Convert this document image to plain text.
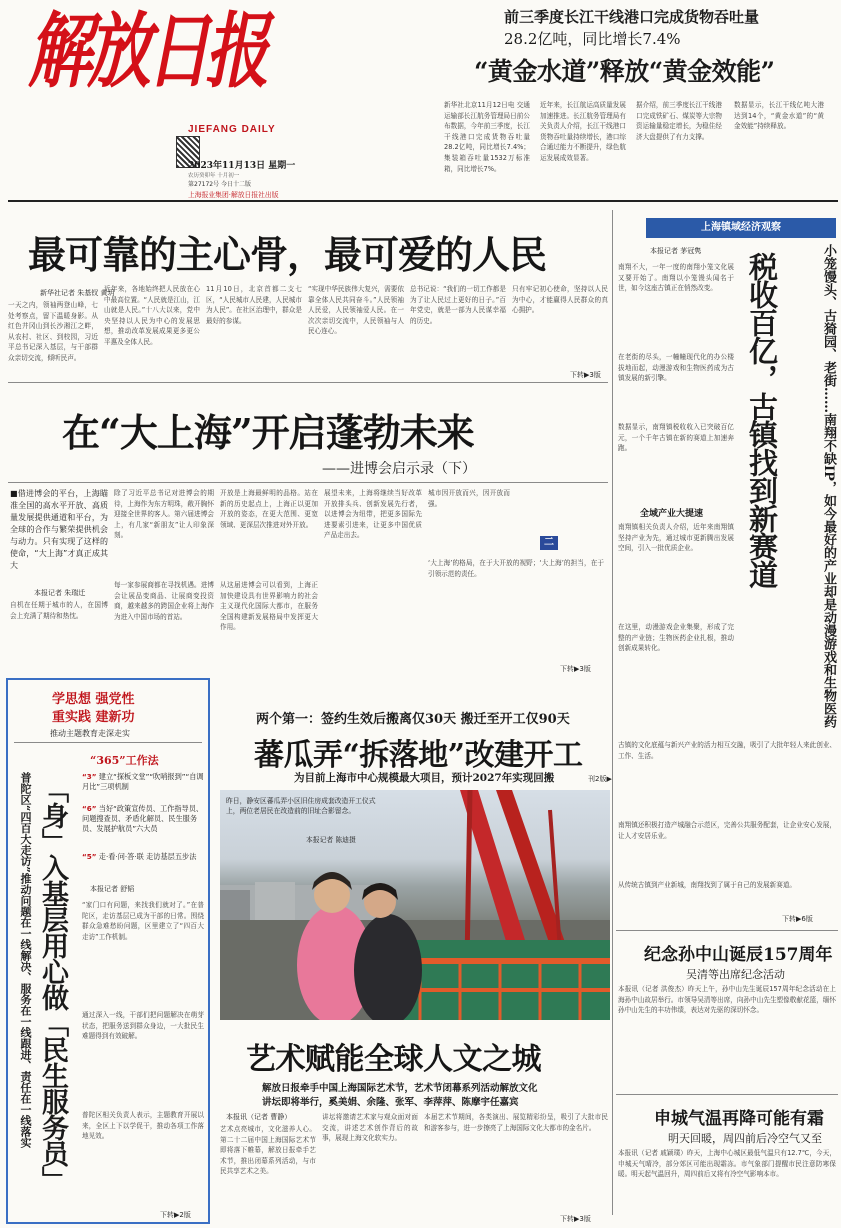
解放日报
JIEFANG DAILY
2023年11月13日 星期一
农历癸卯年 十月初一
第27172号 今日十二版
上海报业集团·解放日报社出版
前三季度长江干线港口完成货物吞吐量
28.2亿吨，同比增长7.4%
“黄金水道”释放“黄金效能”
新华社北京11月12日电 交通运输部长江航务管理局日前公布数据，今年前三季度，长江干线港口完成货物吞吐量28.2亿吨，同比增长7.4%；集装箱吞吐量1532万标准箱，同比增长7%。
近年来，长江航运高质量发展加速推进。长江航务管理局有关负责人介绍，长江干线港口货物吞吐量持续增长，港口综合通过能力不断提升，绿色航运发展成效显著。
据介绍，前三季度长江干线港口完成铁矿石、煤炭等大宗物资运输量稳定增长，为稳住经济大盘提供了有力支撑。
数据显示，长江干线亿吨大港达到14个，“黄金水道”的“黄金效能”持续释放。
最可靠的主心骨，最可爱的人民
新华社记者 朱基钗 黄玥
一天之内，领袖两登山峰，七处考察点，留下温暖身影。从红色井冈山到长沙湘江之畔，从农村、社区、到校园，习近平总书记深入基层，与干部群众亲切交流，倾听民声。
近年来，各地始终把人民放在心中最高位置。“人民就是江山，江山就是人民。”十八大以来，党中央坚持以人民为中心的发展思想，推动改革发展成果更多更公平惠及全体人民。
11月10日，北京首都二支七区，“人民城市人民建，人民城市为人民”。在社区治理中，群众是最好的参谋。
“实现中华民族伟大复兴，需要依靠全体人民共同奋斗。”人民领袖人民爱，人民领袖爱人民。在一次次亲切交流中，人民领袖与人民心连心。
总书记说：“我们的一切工作都是为了让人民过上更好的日子。”百年党史，就是一部为人民谋幸福的历史。
只有牢记初心使命，坚持以人民为中心，才能赢得人民群众的真心拥护。
下转▶3版
在“大上海”开启蓬勃未来
——进博会启示录（下）
■借进博会的平台，上海瞄准全国的高水平开放、高质量发展提供通道和平台，为全球的合作与繁荣提供机会与动力。只有实现了这样的使命，“大上海”才真正成其大
本报记者 朱瑞迁
自机在任期于城市的人，在国博会上充满了期待和热忱。
除了习近平总书记对进博会的期待，上海作为东方明珠，敞开胸怀迎接全世界的客人。第六届进博会上，有几家“新朋友”让人印象深刻。
每一家参展商都在寻找机遇。进博会让展品变商品、让展商变投资商，越来越多的跨国企业将上海作为进入中国市场的首站。
开放是上海最鲜明的品格。站在新的历史起点上，上海正以更加开放的姿态，在更大范围、更宽领域、更深层次推进对外开放。
从这届进博会可以看到，上海正加快建设具有世界影响力的社会主义现代化国际大都市，在服务全国构建新发展格局中发挥更大作用。
展望未来，上海将继续当好改革开放排头兵、创新发展先行者，以进博会为纽带，把更多国际先进要素引进来，让更多中国优质产品走出去。
城市因开放而兴，因开放而强。
二
‘大上海’的格局，在于大开放的视野；‘大上海’的担当，在于引领示范的责任。
下转▶3版
上海镇域经济观察
税收百亿，古镇找到新赛道	小笼馒头、古猗园、老街……南翔不缺IP，如今最好的产业却是动漫游戏和生物医药
本报记者 茅冠隽
南翔不大，一年一度的南翔小笼文化展又要开始了。南翔以小笼馒头闻名于世，如今这座古镇正在悄然改变。
在老街的尽头，一幢幢现代化的办公楼拔地而起，动漫游戏和生物医药成为古镇发展的新引擎。
数据显示，南翔镇税收收入已突破百亿元，一个千年古镇在新的赛道上加速奔跑。
全域产业大提速
南翔镇相关负责人介绍，近年来南翔镇坚持产业为先，通过城市更新腾出发展空间，引入一批优质企业。
在这里，动漫游戏企业集聚，形成了完整的产业链；生物医药企业扎根，推动创新成果转化。
古镇的文化底蕴与新兴产业的活力相互交融，吸引了大批年轻人来此创业、工作、生活。
南翔镇还积极打造产城融合示范区，完善公共服务配套，让企业安心发展，让人才安居乐业。
从传统古镇到产业新城，南翔找到了属于自己的发展新赛道。
下转▶6版
纪念孙中山诞辰157周年
吴清等出席纪念活动
本报讯（记者 洪俊杰）昨天上午，孙中山先生诞辰157周年纪念活动在上海孙中山故居举行。市领导吴清等出席，向孙中山先生塑像敬献花篮，缅怀孙中山先生的丰功伟绩，表达对先驱的深切怀念。
申城气温再降可能有霜
明天回暖，周四前后冷空气又至
本报讯（记者 戚颖璞）昨天，上海中心城区最低气温只有12.7℃，今天，申城天气晴冷，部分郊区可能出现霜冻。市气象部门提醒市民注意防寒保暖。明天起气温回升，周四前后又将有冷空气影响本市。
学思想 强党性
重实践 建新功
推动主题教育走深走实
「身」入基层用心做「民生服务员」
普陀区“四百大走访”推动问题在一线解决、服务在一线跟进、责任在一线落实
“365”工作法
“3” 建立“探板文堂”“吹哨报到”“自调月比”三项机制
“6” 当好“政策宣传员、工作指导员、问题搜查员、矛盾化解员、民生服务员、发展护航员”六大员
“5” 走·看·问·答·联 走访基层五步法
本报记者 舒韬
“家门口有问题，来找我们就对了。”在普陀区，走访基层已成为干部的日常。围绕群众急难愁盼问题，区里建立了“四百大走访”工作机制。
通过深入一线，干部们把问题解决在萌芽状态，把服务送到群众身边，一大批民生难题得到有效破解。
普陀区相关负责人表示，主题教育开展以来，全区上下以学促干，推动各项工作落地见效。
下转▶2版
两个第一：签约生效后搬离仅30天 搬迁至开工仅90天
蕃瓜弄“拆落地”改建开工
为目前上海市中心规模最大项目，预计2027年实现回搬	刊2版▶
昨日，静安区蕃瓜弄小区旧住房成套改造开工仪式上，两位老居民在改造前的旧址合影留念。
本报记者 陈迪摄
艺术赋能全球人文之城
解放日报牵手中国上海国际艺术节，艺术节闭幕系列活动解放文化
讲坛即将举行，奚美娟、余隆、张军、李萍萍、陈摩宇任嘉宾
本报讯（记者 曹静）
艺术点亮城市，文化滋养人心。第二十二届中国上海国际艺术节即将落下帷幕，解放日报牵手艺术节，推出闭幕系列活动，与市民共享艺术之美。
讲坛将邀请艺术家与观众面对面交流，讲述艺术创作背后的故事，展现上海文化软实力。
本届艺术节期间，各类演出、展览精彩纷呈，吸引了大批市民和游客参与，进一步擦亮了上海国际文化大都市的金名片。
下转▶3版
